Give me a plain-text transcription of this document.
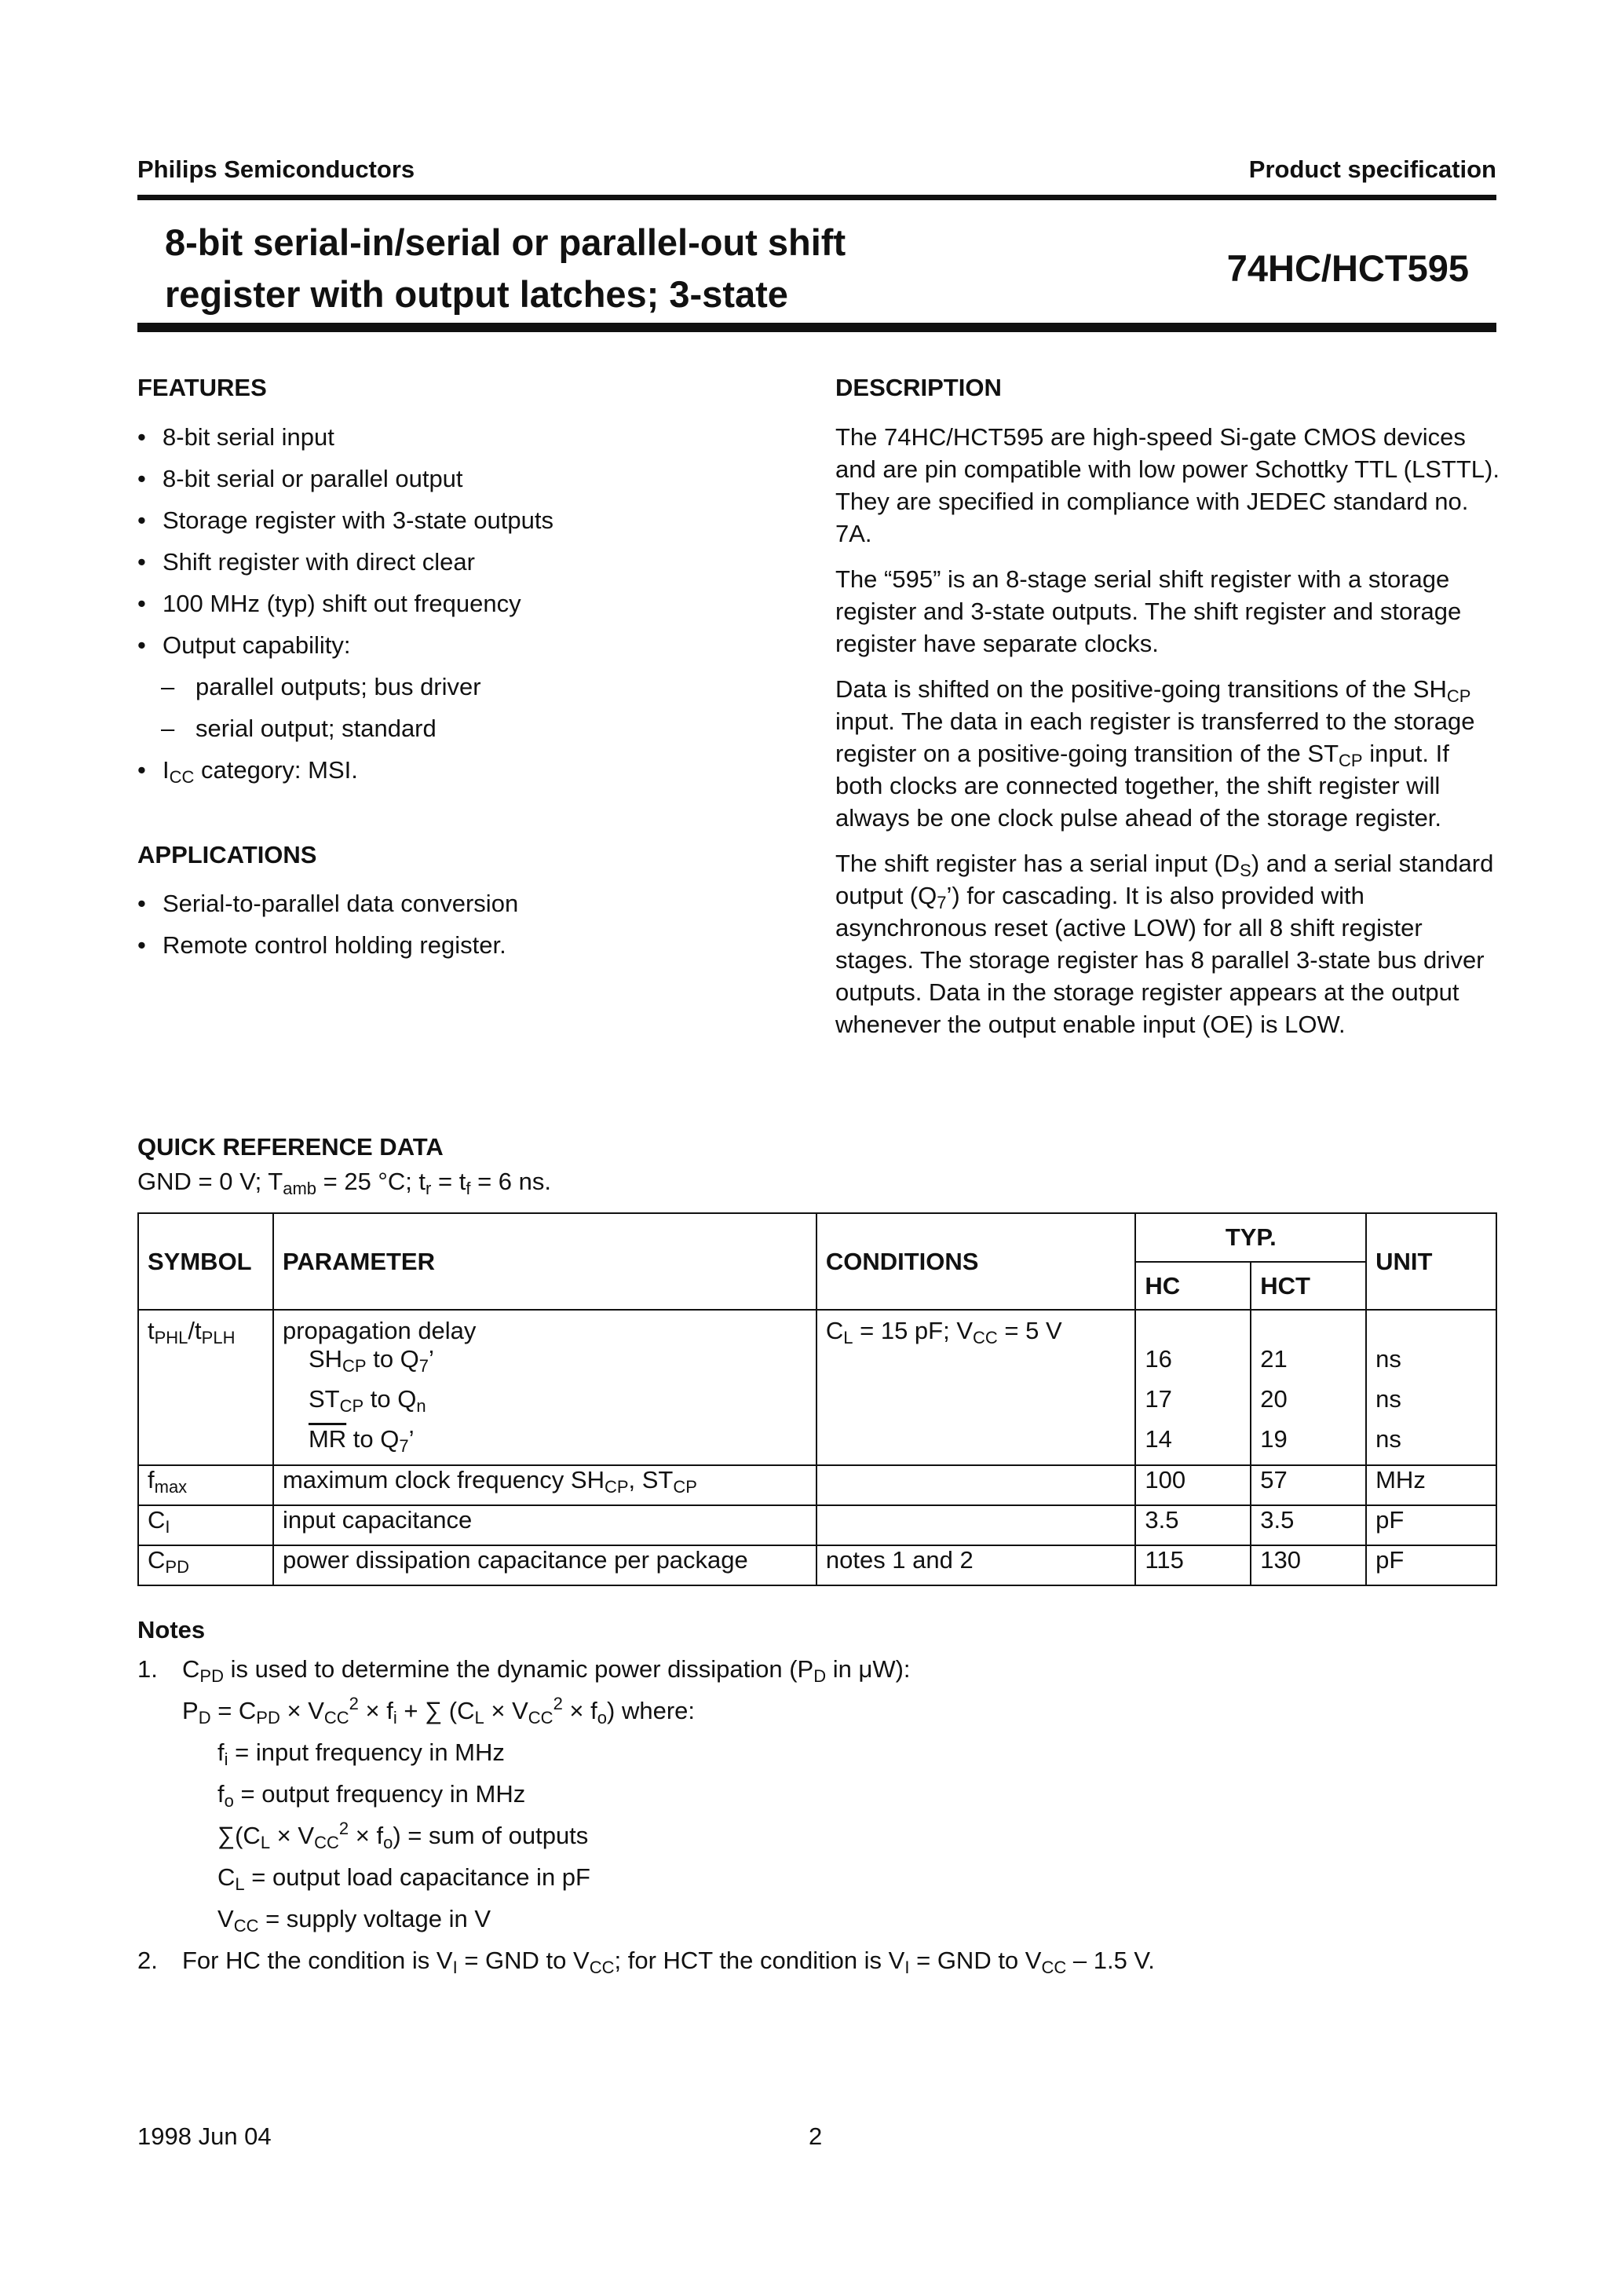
Philips Semiconductors	Product specification
8-bit serial-in/serial or parallel-out shift
register with output latches; 3-state
74HC/HCT595
FEATURES
• 8-bit serial input
• 8-bit serial or parallel output
• Storage register with 3-state outputs
• Shift register with direct clear
• 100 MHz (typ) shift out frequency
• Output capability:
– parallel outputs; bus driver
– serial output; standard
• $I_{CC}$ category: MSI.
APPLICATIONS
• Serial-to-parallel data conversion
• Remote control holding register.
DESCRIPTION

The 74HC/HCT595 are high-speed Si-gate CMOS devices and are pin compatible with low power Schottky TTL (LSTTL). They are specified in compliance with JEDEC standard no. 7A.

The “595” is an 8-stage serial shift register with a storage register and 3-state outputs. The shift register and storage register have separate clocks.

Data is shifted on the positive-going transitions of the $SH_{CP}$ input. The data in each register is transferred to the storage register on a positive-going transition of the $ST_{CP}$ input. If both clocks are connected together, the shift register will always be one clock pulse ahead of the storage register.

The shift register has a serial input $(D_S)$ and a serial standard output $(Q_7’)$ for cascading. It is also provided with asynchronous reset (active LOW) for all 8 shift register stages. The storage register has 8 parallel 3-state bus driver outputs. Data in the storage register appears at the output whenever the output enable input (OE) is LOW.

QUICK REFERENCE DATA
GND = 0 V; $T_{amb} = 25$ °C; $t_r = t_f = 6$ ns.
SYMBOL	PARAMETER	CONDITIONS	TYP.		UNIT
			HC	HCT	
$t_{PHL}/t_{PLH}$	propagation delay	$C_L = 15$ pF; $V_{CC} = 5$ V			
	$SH_{CP}$ to $Q_7$’		16	21	ns
	$ST_{CP}$ to $Q_n$		17	20	ns
	$\overline{MR}$ to $Q_7$’		14	19	ns
$f_{max}$	maximum clock frequency $SH_{CP}$, $ST_{CP}$		100	57	MHz
$C_I$	input capacitance		3.5	3.5	pF
$C_{PD}$	power dissipation capacitance per package	notes 1 and 2	115	130	pF
Notes
1. $C_{PD}$ is used to determine the dynamic power dissipation ($P_D$ in μW):
$P_D = C_{PD} \times V_{CC}^2 \times f_i$ + ∑ $(C_L \times V_{CC}^2 \times f_o)$ where:
$f_i$ = input frequency in MHz
$f_o$ = output frequency in MHz
$\sum(C_L \times V_{CC}^2 \times f_o)$ = sum of outputs
$C_L$ = output load capacitance in pF
$V_{CC}$ = supply voltage in V
2. For HC the condition is $V_I$ = GND to $V_{CC}$; for HCT the condition is $V_I$ = GND to $V_{CC} - 1.5$ V.
1998 Jun 04	2
